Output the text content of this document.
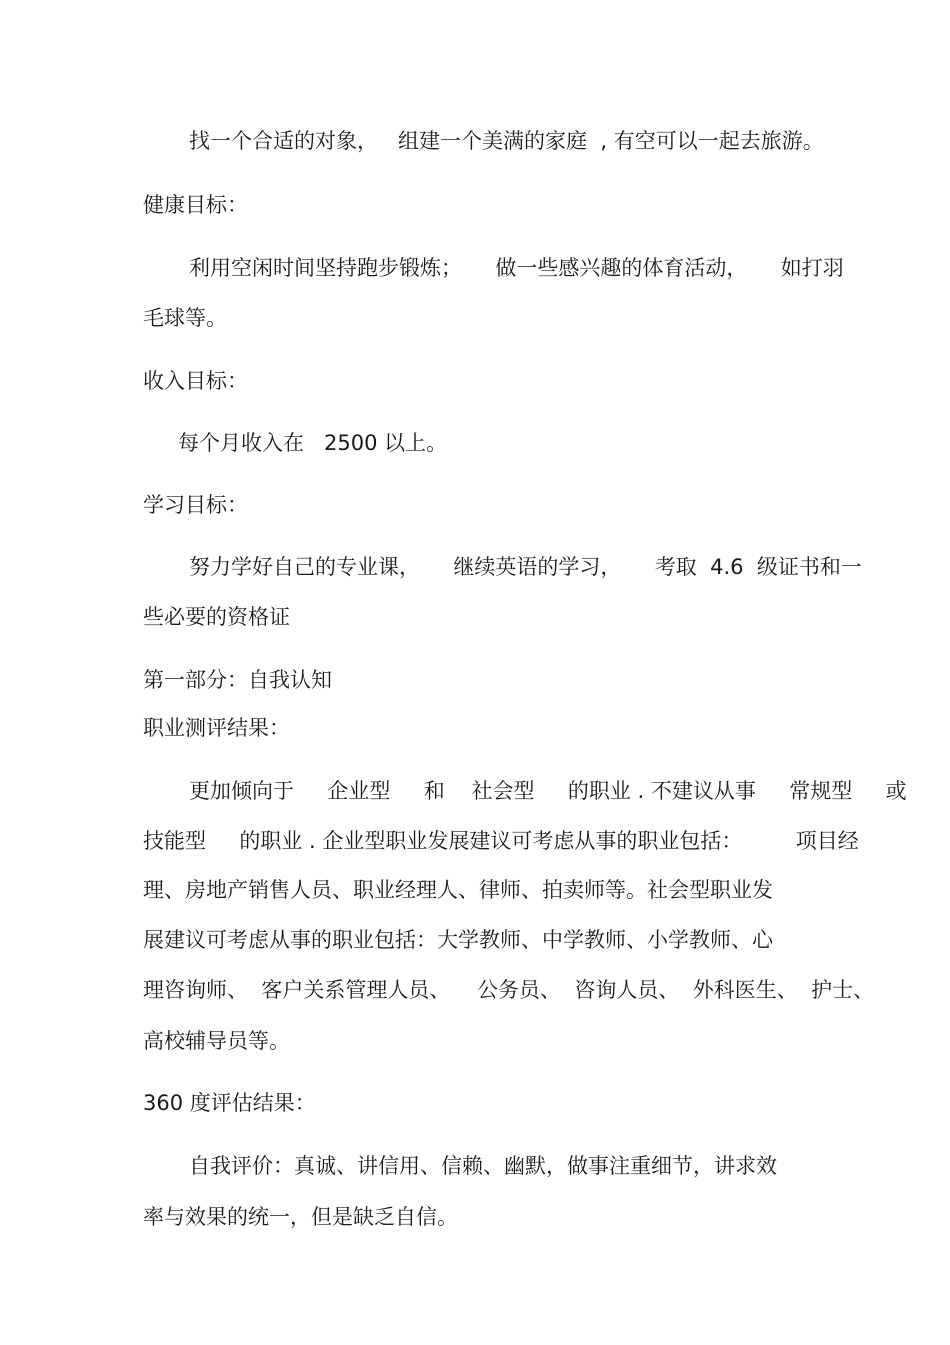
找一个合适的对象，   组建一个美满的家庭  , 有空可以一起去旅游。
健康目标：
利用空闲时间坚持跑步锻炼；     做一些感兴趣的体育活动，     如打羽
毛球等。
收入目标：
每个月收入在   2500 以上。
学习目标：
努力学好自己的专业课，     继续英语的学习，     考取  4.6  级证书和一
些必要的资格证
第一部分：自我认知
职业测评结果：
更加倾向于     企业型     和    社会型     的职业 . 不建议从事     常规型     或
技能型     的职业 . 企业型职业发展建议可考虑从事的职业包括：        项目经
理、房地产销售人员、职业经理人、律师、拍卖师等。社会型职业发
展建议可考虑从事的职业包括：大学教师、中学教师、小学教师、心
理咨询师、  客户关系管理人员、    公务员、  咨询人员、  外科医生、  护士、
高校辅导员等。
360 度评估结果：
自我评价：真诚、讲信用、信赖、幽默，做事注重细节，讲求效
率与效果的统一，但是缺乏自信。
